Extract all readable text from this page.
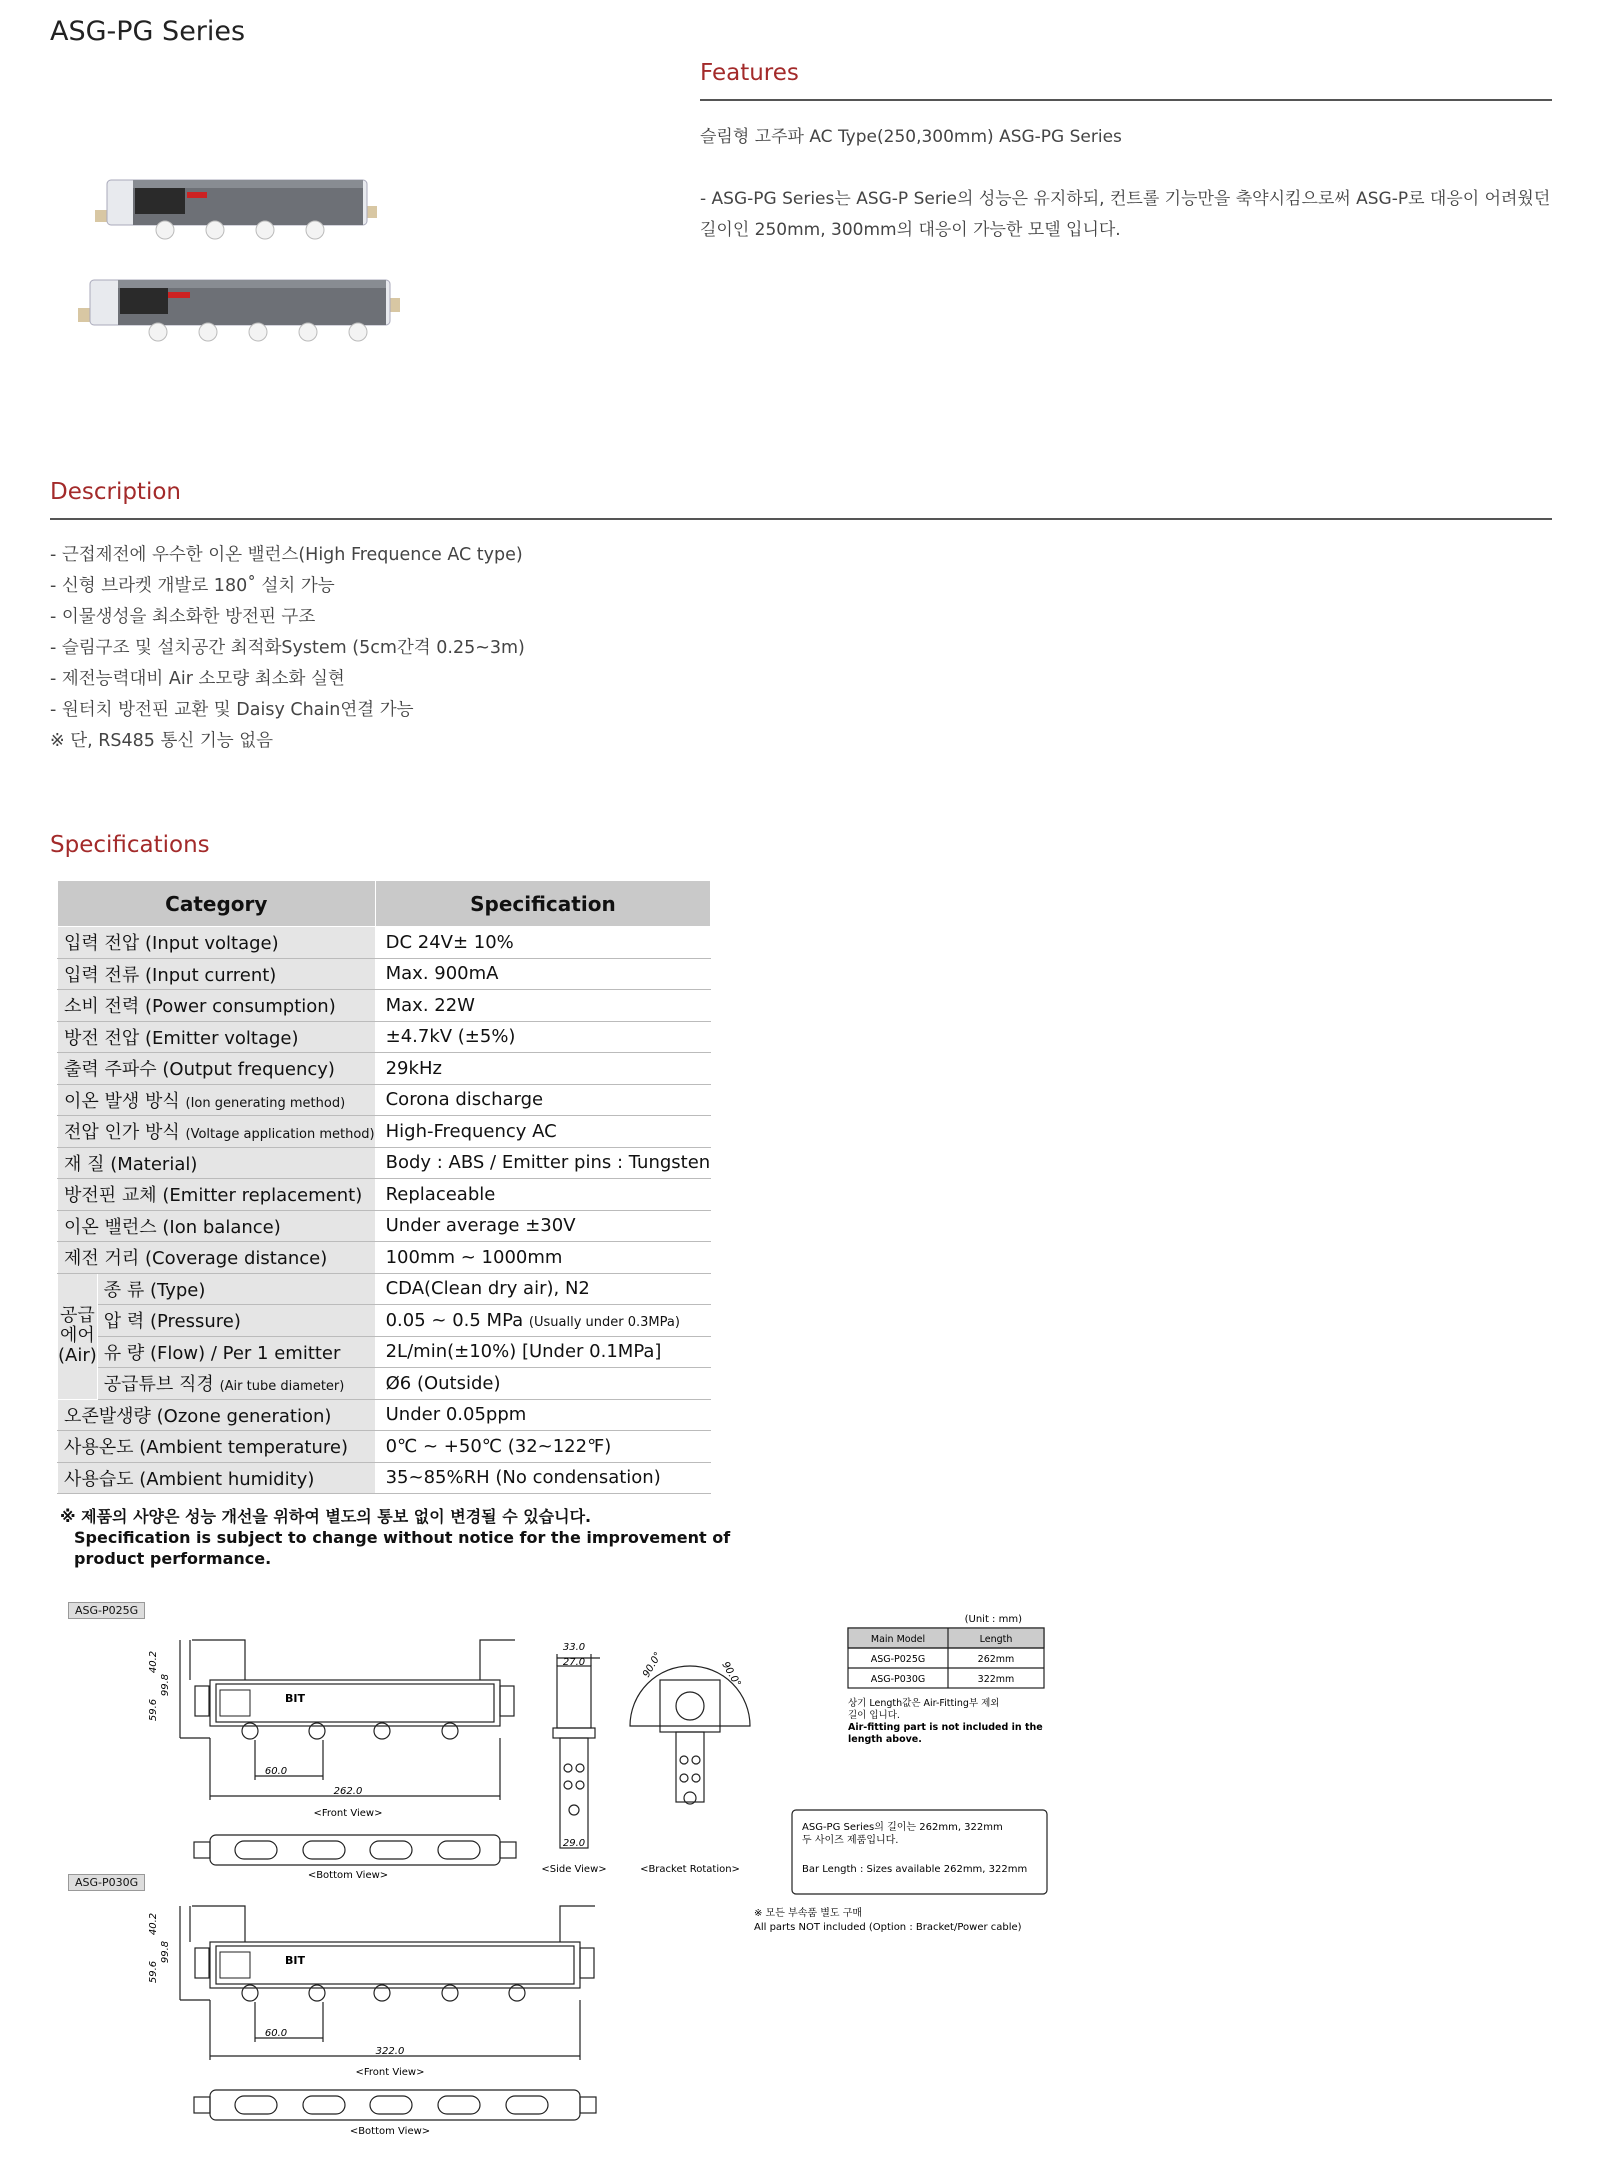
ASG-PG Series
Features
슬림형 고주파 AC Type(250,300mm) ASG-PG Series
- ASG-PG Series는 ASG-P Serie의 성능은 유지하되, 컨트롤 기능만을 축약시킴으로써 ASG-P로 대응이 어려웠던
길이인 250mm, 300mm의 대응이 가능한 모델 입니다.
Description
- 근접제전에 우수한 이온 밸런스(High Frequence AC type)
- 신형 브라켓 개발로 180˚ 설치 가능
- 이물생성을 최소화한 방전핀 구조
- 슬림구조 및 설치공간 최적화System (5cm간격 0.25~3m)
- 제전능력대비 Air 소모량 최소화 실현
- 원터치 방전핀 교환 및 Daisy Chain연결 가능
※ 단, RS485 통신 기능 없음
Specifications
Category		Specification
입력 전압 (Input voltage)		DC 24V± 10%
입력 전류 (Input current)		Max. 900mA
소비 전력 (Power consumption)		Max. 22W
방전 전압 (Emitter voltage)		±4.7kV (±5%)
출력 주파수 (Output frequency)		29kHz
이온 발생 방식 (Ion generating method)		Corona discharge
전압 인가 방식 (Voltage application method)		High-Frequency AC
재 질 (Material)		Body : ABS / Emitter pins : Tungsten
방전핀 교체 (Emitter replacement)		Replaceable
이온 밸런스 (Ion balance)		Under average ±30V
제전 거리 (Coverage distance)		100mm ~ 1000mm

공급
에어
(Air)	종 류 (Type)	CDA(Clean dry air), N2
	압 력 (Pressure)	0.05 ~ 0.5 MPa (Usually under 0.3MPa)
	유 량 (Flow) / Per 1 emitter	2L/min(±10%) [Under 0.1MPa]
	공급튜브 직경 (Air tube diameter)	Ø6 (Outside)
오존발생량 (Ozone generation)		Under 0.05ppm
사용온도 (Ambient temperature)		0℃ ~ +50℃ (32~122℉)
사용습도 (Ambient humidity)		35~85%RH (No condensation)
※ 제품의 사양은 성능 개선을 위하여 별도의 통보 없이 변경될 수 있습니다.
Specification is subject to change without notice for the improvement of
product performance.
ASG-P025G
ASG-P030G
BIT
BIT
60.0
262.0
99.8
40.2
59.6
<Front View>
<Bottom View>
33.0
27.0
29.0
<Side View>
90.0°	90.0°
<Bracket Rotation>
(Unit : mm)
Main Model	Length
ASG-P025G	262mm
ASG-P030G	322mm
상기 Length값은 Air-Fitting부 제외
길이 입니다.
Air-fitting part is not included in the
length above.
ASG-PG Series의 길이는 262mm, 322mm
두 사이즈 제품입니다.
Bar Length : Sizes available 262mm, 322mm
※ 모든 부속품 별도 구매
All parts NOT included (Option : Bracket/Power cable)
60.0
322.0
99.8
40.2
59.6
<Front View>
<Bottom View>
